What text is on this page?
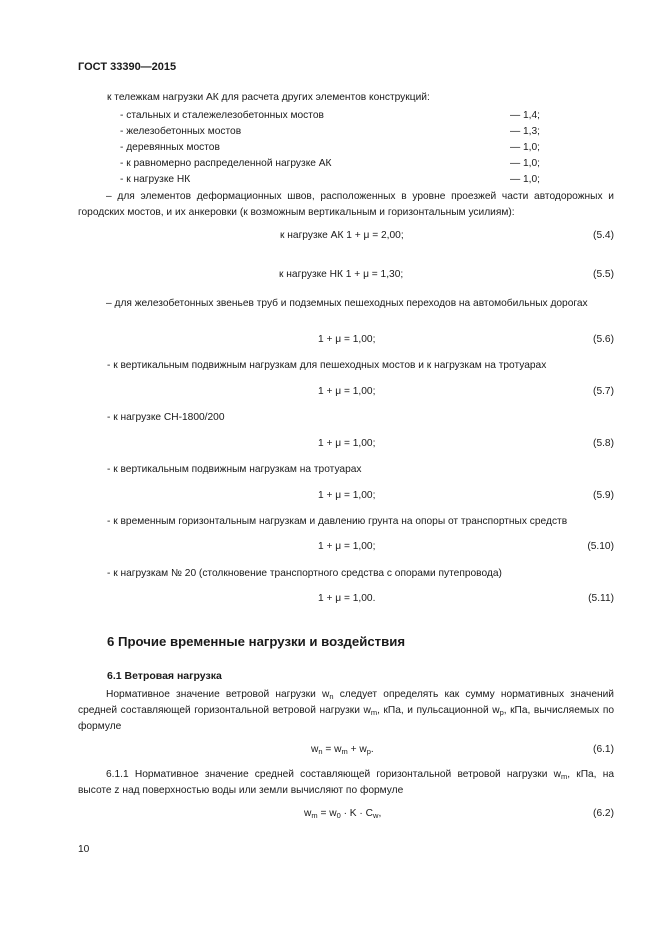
ГОСТ 33390—2015
к тележкам нагрузки АК для расчета других элементов конструкций:
- стальных и сталежелезобетонных мостов	— 1,4;
- железобетонных мостов	— 1,3;
- деревянных мостов	— 1,0;
- к равномерно распределенной нагрузке АК	— 1,0;
- к нагрузке НК	— 1,0;
– для элементов деформационных швов, расположенных в уровне проезжей части автодорожных и городских мостов, и их анкеровки (к возможным вертикальным и горизонтальным усилиям):
к нагрузке АК 1 + μ = 2,00;	(5.4)
к нагрузке НК 1 + μ = 1,30;	(5.5)
– для железобетонных звеньев труб и подземных пешеходных переходов на автомобильных дорогах
1 + μ = 1,00;	(5.6)
- к вертикальным подвижным нагрузкам для пешеходных мостов и к нагрузкам на тротуарах
1 + μ = 1,00;	(5.7)
- к нагрузке СН-1800/200
1 + μ = 1,00;	(5.8)
- к вертикальным подвижным нагрузкам на тротуарах
1 + μ = 1,00;	(5.9)
- к временным горизонтальным нагрузкам и давлению грунта на опоры от транспортных средств
1 + μ = 1,00;	(5.10)
- к нагрузкам № 20 (столкновение транспортного средства с опорами путепровода)
1 + μ = 1,00.	(5.11)
6 Прочие временные нагрузки и воздействия
6.1 Ветровая нагрузка
Нормативное значение ветровой нагрузки $w_n$ следует определять как сумму нормативных значений средней составляющей горизонтальной ветровой нагрузки $w_m$, кПа, и пульсационной $w_p$, кПа, вычисляемых по формуле
$w_n = w_m + w_p$.	(6.1)
6.1.1 Нормативное значение средней составляющей горизонтальной ветровой нагрузки $w_m$, кПа, на высоте z над поверхностью воды или земли вычисляют по формуле
$w_m = w_0 \cdot K \cdot C_w$,	(6.2)
10
